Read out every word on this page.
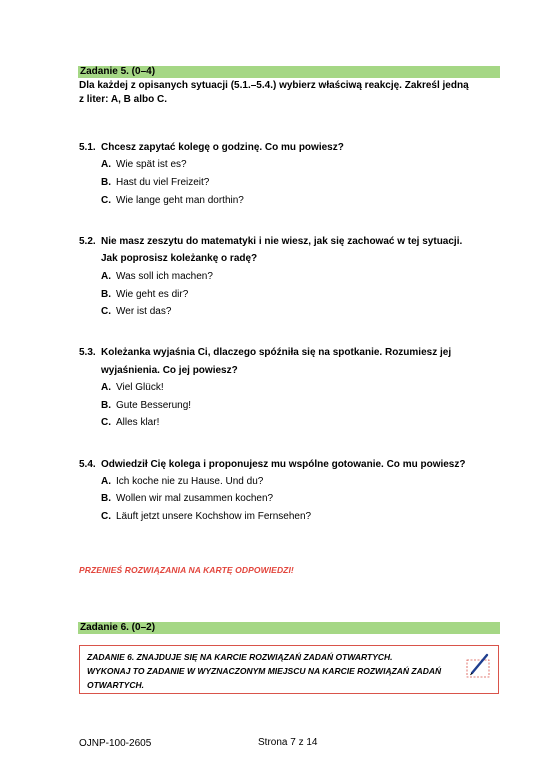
Zadanie 5. (0–4)
Dla każdej z opisanych sytuacji (5.1.–5.4.) wybierz właściwą reakcję. Zakreśl jedną
z liter: A, B albo C.
5.1. Chcesz zapytać kolegę o godzinę. Co mu powiesz?
A. Wie spät ist es?
B. Hast du viel Freizeit?
C. Wie lange geht man dorthin?
5.2. Nie masz zeszytu do matematyki i nie wiesz, jak się zachować w tej sytuacji.
Jak poprosisz koleżankę o radę?
A. Was soll ich machen?
B. Wie geht es dir?
C. Wer ist das?
5.3. Koleżanka wyjaśnia Ci, dlaczego spóźniła się na spotkanie. Rozumiesz jej
wyjaśnienia. Co jej powiesz?
A. Viel Glück!
B. Gute Besserung!
C. Alles klar!
5.4. Odwiedził Cię kolega i proponujesz mu wspólne gotowanie. Co mu powiesz?
A. Ich koche nie zu Hause. Und du?
B. Wollen wir mal zusammen kochen?
C. Läuft jetzt unsere Kochshow im Fernsehen?
PRZENIEŚ ROZWIĄZANIA NA KARTĘ ODPOWIEDZI!
Zadanie 6. (0–2)
ZADANIE 6. ZNAJDUJE SIĘ NA KARCIE ROZWIĄZAŃ ZADAŃ OTWARTYCH.
WYKONAJ TO ZADANIE W WYZNACZONYM MIEJSCU NA KARCIE ROZWIĄZAŃ ZADAŃ
OTWARTYCH.
OJNP-100-2605	Strona 7 z 14
